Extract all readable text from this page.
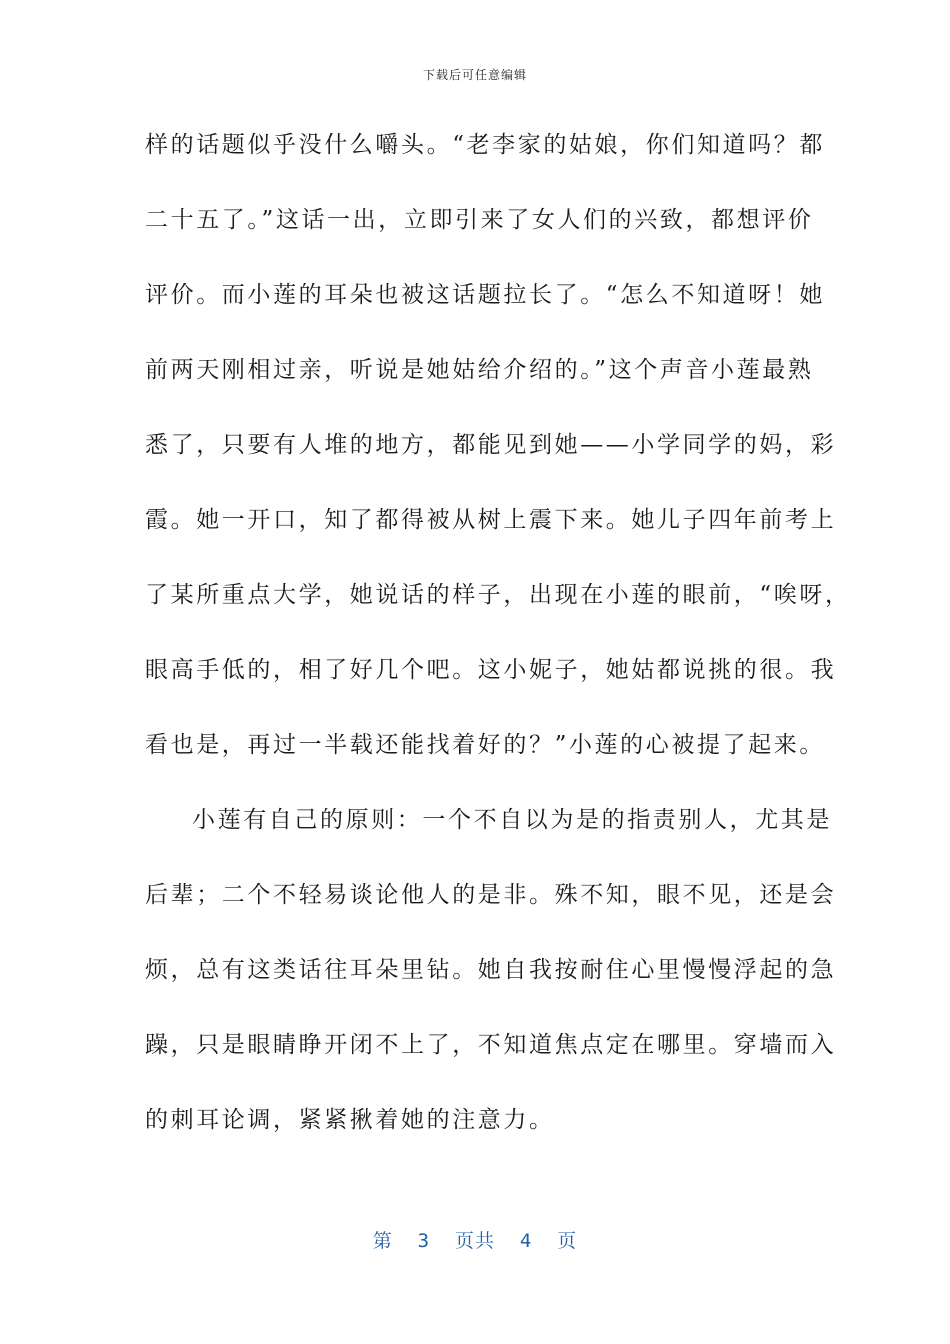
下载后可任意编辑
样的话题似乎没什么嚼头。“老李家的姑娘，你们知道吗？都
二十五了。”这话一出，立即引来了女人们的兴致，都想评价
评价。而小莲的耳朵也被这话题拉长了。“怎么不知道呀！她
前两天刚相过亲，听说是她姑给介绍的。”这个声音小莲最熟
悉了，只要有人堆的地方，都能见到她——小学同学的妈，彩
霞。她一开口，知了都得被从树上震下来。她儿子四年前考上
了某所重点大学，她说话的样子，出现在小莲的眼前，“唉呀，
眼高手低的，相了好几个吧。这小妮子，她姑都说挑的很。我
看也是，再过一半载还能找着好的？”小莲的心被提了起来。
小莲有自己的原则：一个不自以为是的指责别人，尤其是
后辈；二个不轻易谈论他人的是非。殊不知，眼不见，还是会
烦，总有这类话往耳朵里钻。她自我按耐住心里慢慢浮起的急
躁，只是眼睛睁开闭不上了，不知道焦点定在哪里。穿墙而入
的刺耳论调，紧紧揪着她的注意力。
第  3  页共  4  页
